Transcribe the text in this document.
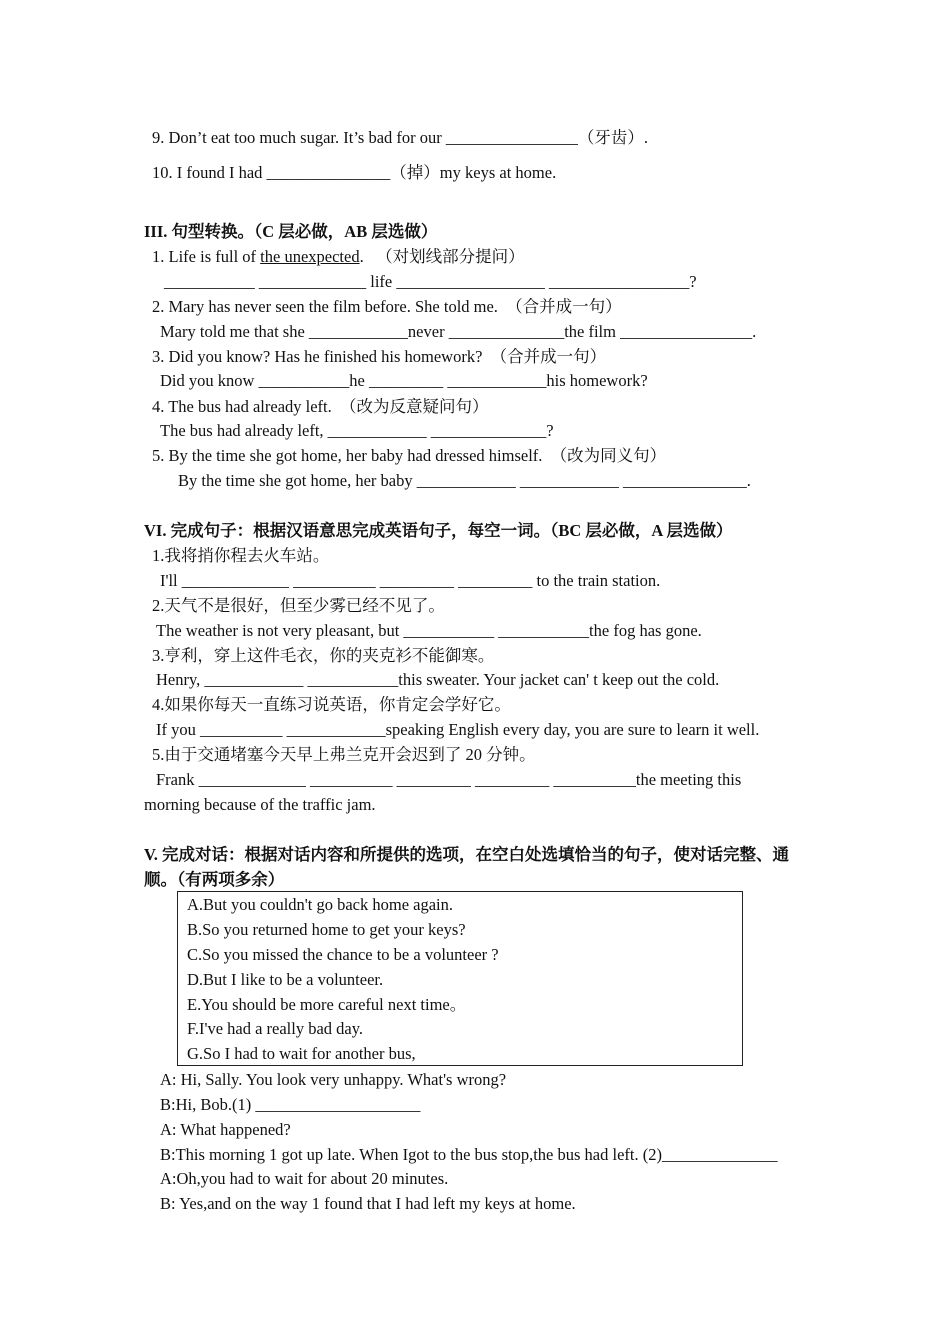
9. Don’t eat too much sugar. It’s bad for our ________________（牙齿）.
10. I found I had _______________（掉）my keys at home.
III. 句型转换。（C 层必做，AB 层选做）
1. Life is full of the unexpected.   （对划线部分提问）
___________ _____________ life __________________ _________________?
2. Mary has never seen the film before. She told me.  （合并成一句）
Mary told me that she ____________never ______________the film ________________.
3. Did you know? Has he finished his homework?  （合并成一句）
Did you know ___________he _________ ____________his homework?
4. The bus had already left.  （改为反意疑问句）
The bus had already left, ____________ ______________?
5. By the time she got home, her baby had dressed himself.  （改为同义句）
By the time she got home, her baby ____________ ____________ _______________.
VI. 完成句子：根据汉语意思完成英语句子，每空一词。（BC 层必做，A 层选做）
1.我将捎你程去火车站。
I'll _____________ __________ _________ _________ to the train station.
2.天气不是很好，但至少雾已经不见了。
The weather is not very pleasant, but ___________ ___________the fog has gone.
3.亨利，穿上这件毛衣，你的夹克衫不能御寒。
Henry, ____________ ___________this sweater. Your jacket can' t keep out the cold.
4.如果你每天一直练习说英语，你肯定会学好它。
If you __________ ____________speaking English every day, you are sure to learn it well.
5.由于交通堵塞今天早上弗兰克开会迟到了 20 分钟。
Frank _____________ __________ _________ _________ __________the meeting this
morning because of the traffic jam.
V. 完成对话：根据对话内容和所提供的选项，在空白处选填恰当的句子，使对话完整、通
顺。（有两项多余）
A.But you couldn't go back home again.
B.So you returned home to get your keys?
C.So you missed the chance to be a volunteer ?
D.But I like to be a volunteer.
E.You should be more careful next time。
F.I've had a really bad day.
G.So I had to wait for another bus,
A: Hi, Sally. You look very unhappy. What's wrong?
B:Hi, Bob.(1) ____________________
A: What happened?
B:This morning 1 got up late. When Igot to the bus stop,the bus had left. (2)______________
A:Oh,you had to wait for about 20 minutes.
B: Yes,and on the way 1 found that I had left my keys at home.
